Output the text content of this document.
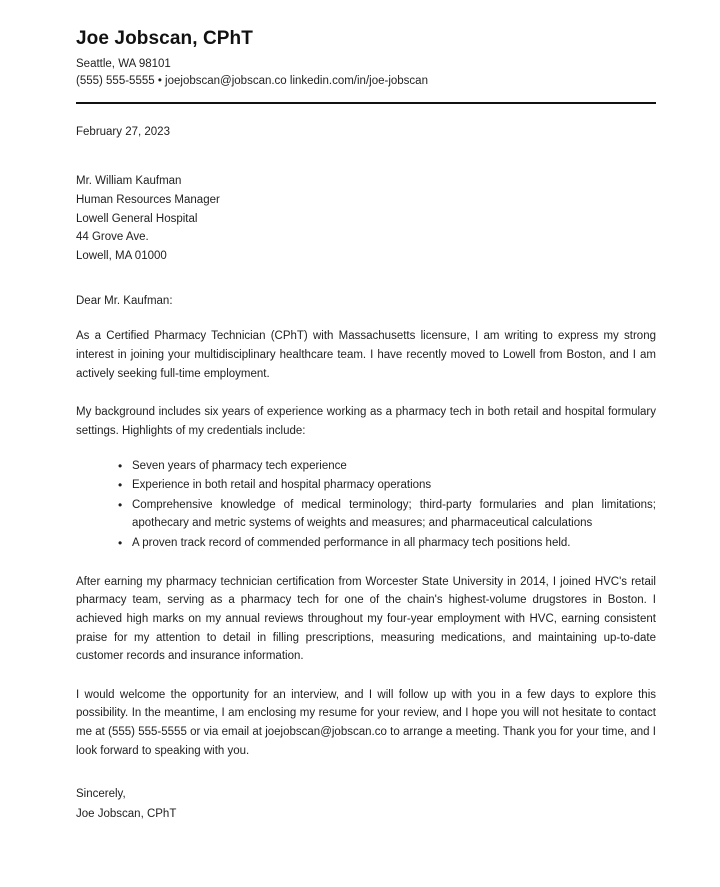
Joe Jobscan, CPhT
Seattle, WA 98101
(555) 555-5555 • joejobscan@jobscan.co linkedin.com/in/joe-jobscan
February 27, 2023
Mr. William Kaufman
Human Resources Manager
Lowell General Hospital
44 Grove Ave.
Lowell, MA 01000
Dear Mr. Kaufman:
As a Certified Pharmacy Technician (CPhT) with Massachusetts licensure, I am writing to express my strong interest in joining your multidisciplinary healthcare team. I have recently moved to Lowell from Boston, and I am actively seeking full-time employment.
My background includes six years of experience working as a pharmacy tech in both retail and hospital formulary settings. Highlights of my credentials include:
• Seven years of pharmacy tech experience
• Experience in both retail and hospital pharmacy operations
• Comprehensive knowledge of medical terminology; third-party formularies and plan limitations; apothecary and metric systems of weights and measures; and pharmaceutical calculations
• A proven track record of commended performance in all pharmacy tech positions held.
After earning my pharmacy technician certification from Worcester State University in 2014, I joined HVC's retail pharmacy team, serving as a pharmacy tech for one of the chain's highest-volume drugstores in Boston. I achieved high marks on my annual reviews throughout my four-year employment with HVC, earning consistent praise for my attention to detail in filling prescriptions, measuring medications, and maintaining up-to-date customer records and insurance information.
I would welcome the opportunity for an interview, and I will follow up with you in a few days to explore this possibility. In the meantime, I am enclosing my resume for your review, and I hope you will not hesitate to contact me at (555) 555-5555 or via email at joejobscan@jobscan.co to arrange a meeting. Thank you for your time, and I look forward to speaking with you.
Sincerely,
Joe Jobscan, CPhT
